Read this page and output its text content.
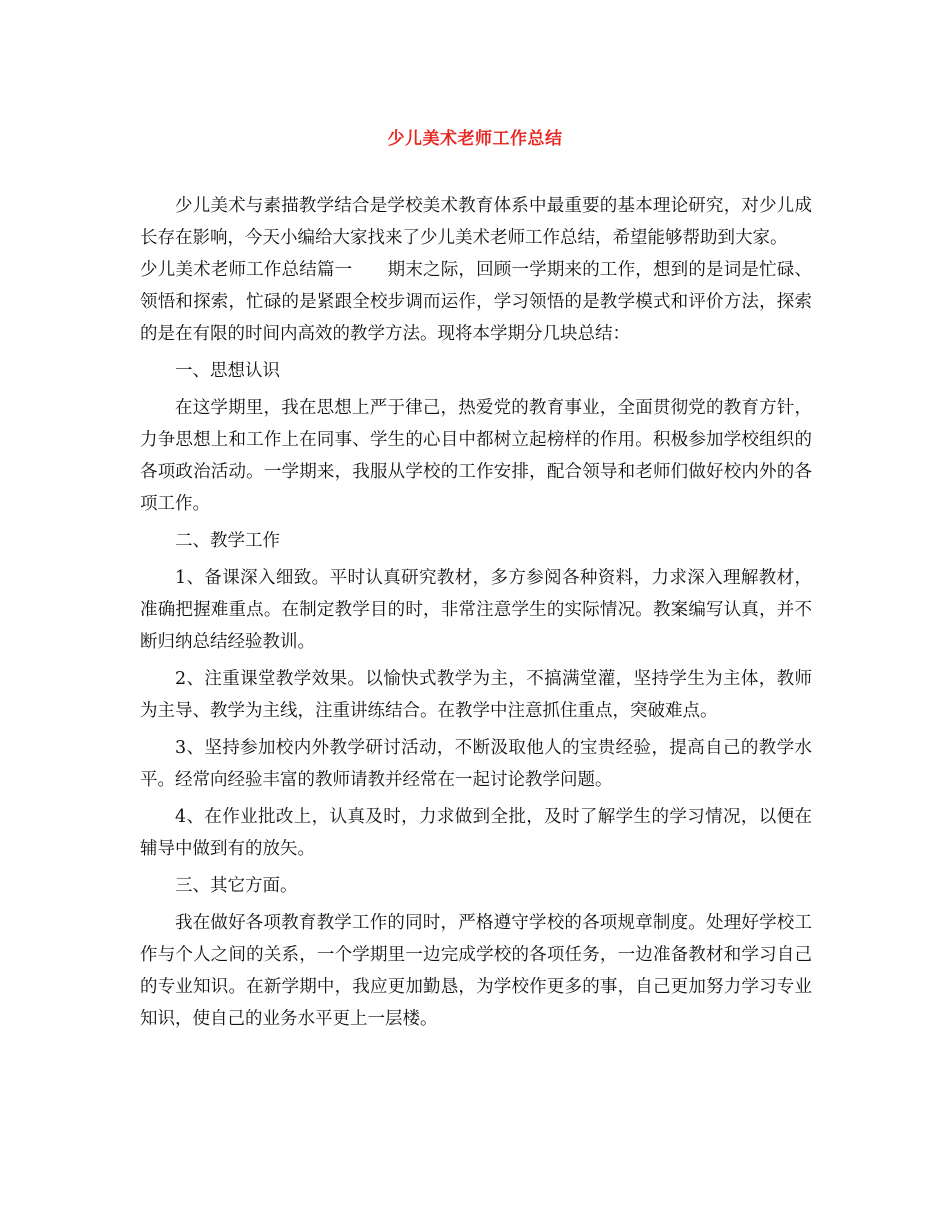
少儿美术老师工作总结

少儿美术与素描教学结合是学校美术教育体系中最重要的基本理论研究，对少儿成长存在影响，今天小编给大家找来了少儿美术老师工作总结，希望能够帮助到大家。

少儿美术老师工作总结篇一　　期末之际，回顾一学期来的工作，想到的是词是忙碌、领悟和探索，忙碌的是紧跟全校步调而运作，学习领悟的是教学模式和评价方法，探索的是在有限的时间内高效的教学方法。现将本学期分几块总结：

一、思想认识

在这学期里，我在思想上严于律己，热爱党的教育事业，全面贯彻党的教育方针，力争思想上和工作上在同事、学生的心目中都树立起榜样的作用。积极参加学校组织的各项政治活动。一学期来，我服从学校的工作安排，配合领导和老师们做好校内外的各项工作。

二、教学工作

1、备课深入细致。平时认真研究教材，多方参阅各种资料，力求深入理解教材，准确把握难重点。在制定教学目的时，非常注意学生的实际情况。教案编写认真，并不断归纳总结经验教训。

2、注重课堂教学效果。以愉快式教学为主，不搞满堂灌，坚持学生为主体，教师为主导、教学为主线，注重讲练结合。在教学中注意抓住重点，突破难点。

3、坚持参加校内外教学研讨活动，不断汲取他人的宝贵经验，提高自己的教学水平。经常向经验丰富的教师请教并经常在一起讨论教学问题。

4、在作业批改上，认真及时，力求做到全批，及时了解学生的学习情况，以便在辅导中做到有的放矢。

三、其它方面。

我在做好各项教育教学工作的同时，严格遵守学校的各项规章制度。处理好学校工作与个人之间的关系，一个学期里一边完成学校的各项任务，一边准备教材和学习自己的专业知识。在新学期中，我应更加勤恳，为学校作更多的事，自己更加努力学习专业知识，使自己的业务水平更上一层楼。
